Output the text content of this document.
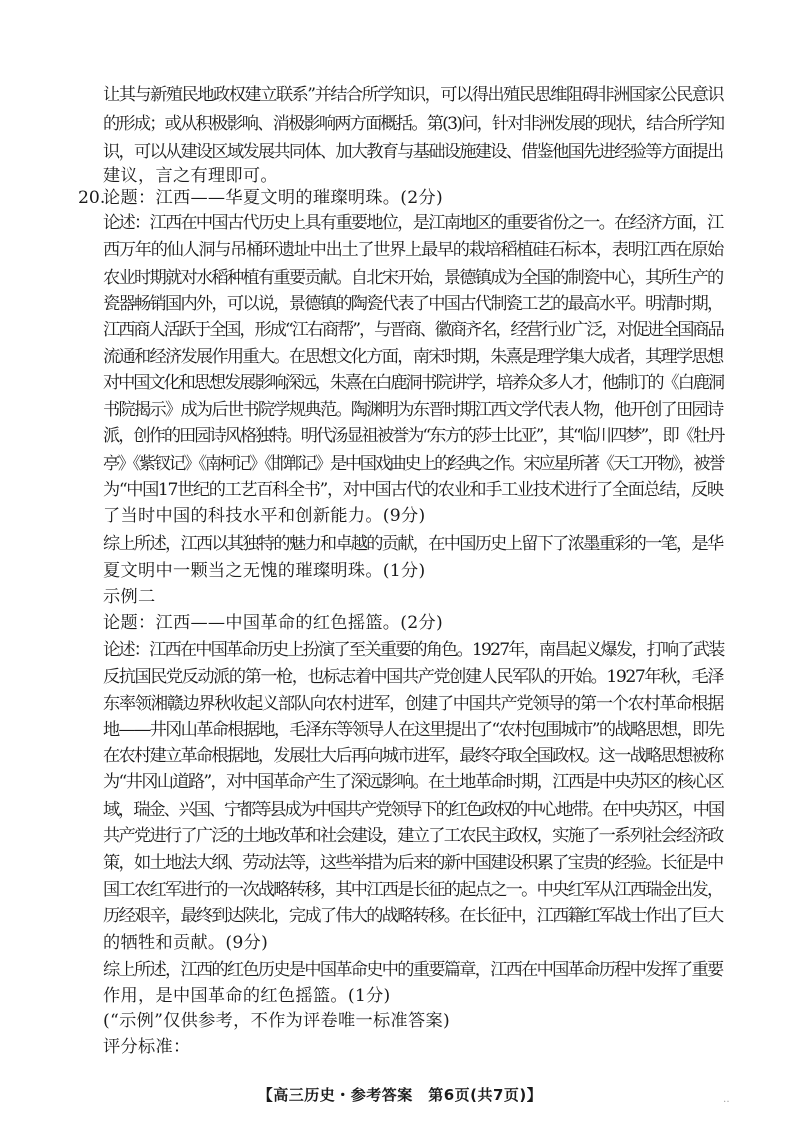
20.
让其与新殖民地政权建立联系”并结合所学知识，可以得出殖民思维阻碍非洲国家公民意识
的形成；或从积极影响、消极影响两方面概括。第(3)问，针对非洲发展的现状，结合所学知
识，可以从建设区域发展共同体、加大教育与基础设施建设、借鉴他国先进经验等方面提出
建议，言之有理即可。
论题：江西——华夏文明的璀璨明珠。(2分)
论述：江西在中国古代历史上具有重要地位，是江南地区的重要省份之一。在经济方面，江
西万年的仙人洞与吊桶环遗址中出土了世界上最早的栽培稻植硅石标本，表明江西在原始
农业时期就对水稻种植有重要贡献。自北宋开始，景德镇成为全国的制瓷中心，其所生产的
瓷器畅销国内外，可以说，景德镇的陶瓷代表了中国古代制瓷工艺的最高水平。明清时期，
江西商人活跃于全国，形成“江右商帮”，与晋商、徽商齐名，经营行业广泛，对促进全国商品
流通和经济发展作用重大。在思想文化方面，南宋时期，朱熹是理学集大成者，其理学思想
对中国文化和思想发展影响深远，朱熹在白鹿洞书院讲学，培养众多人才，他制订的《白鹿洞
书院揭示》成为后世书院学规典范。陶渊明为东晋时期江西文学代表人物，他开创了田园诗
派，创作的田园诗风格独特。明代汤显祖被誉为“东方的莎士比亚”，其“临川四梦”，即《牡丹
亭》《紫钗记》《南柯记》《邯郸记》是中国戏曲史上的经典之作。宋应星所著《天工开物》，被誉
为“中国17世纪的工艺百科全书”，对中国古代的农业和手工业技术进行了全面总结，反映
了当时中国的科技水平和创新能力。(9分)
综上所述，江西以其独特的魅力和卓越的贡献，在中国历史上留下了浓墨重彩的一笔，是华
夏文明中一颗当之无愧的璀璨明珠。(1分)
示例二
论题：江西——中国革命的红色摇篮。(2分)
论述：江西在中国革命历史上扮演了至关重要的角色。1927年，南昌起义爆发，打响了武装
反抗国民党反动派的第一枪，也标志着中国共产党创建人民军队的开始。1927年秋，毛泽
东率领湘赣边界秋收起义部队向农村进军，创建了中国共产党领导的第一个农村革命根据
地——井冈山革命根据地，毛泽东等领导人在这里提出了“农村包围城市”的战略思想，即先
在农村建立革命根据地，发展壮大后再向城市进军，最终夺取全国政权。这一战略思想被称
为“井冈山道路”，对中国革命产生了深远影响。在土地革命时期，江西是中央苏区的核心区
域，瑞金、兴国、宁都等县成为中国共产党领导下的红色政权的中心地带。在中央苏区，中国
共产党进行了广泛的土地改革和社会建设，建立了工农民主政权，实施了一系列社会经济政
策，如土地法大纲、劳动法等，这些举措为后来的新中国建设积累了宝贵的经验。长征是中
国工农红军进行的一次战略转移，其中江西是长征的起点之一。中央红军从江西瑞金出发，
历经艰辛，最终到达陕北，完成了伟大的战略转移。在长征中，江西籍红军战士作出了巨大
的牺牲和贡献。(9分)
综上所述，江西的红色历史是中国革命史中的重要篇章，江西在中国革命历程中发挥了重要
作用，是中国革命的红色摇篮。(1分)
(“示例”仅供参考，不作为评卷唯一标准答案)
评分标准：
【高三历史・参考答案　第6页(共7页)】	‥
